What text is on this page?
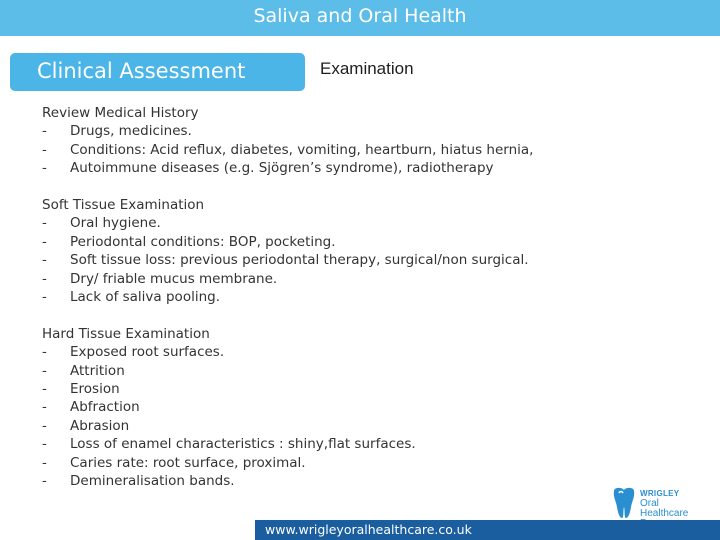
Saliva and Oral Health
Clinical Assessment	Examination
Review Medical History
- Drugs, medicines.
- Conditions: Acid reflux, diabetes, vomiting, heartburn, hiatus hernia,
- Autoimmune diseases (e.g. Sjögren’s syndrome), radiotherapy
Soft Tissue Examination
- Oral hygiene.
- Periodontal conditions: BOP, pocketing.
- Soft tissue loss: previous periodontal therapy, surgical/non surgical.
- Dry/ friable mucus membrane.
- Lack of saliva pooling.
Hard Tissue Examination
- Exposed root surfaces.
- Attrition
- Erosion
- Abfraction
- Abrasion
- Loss of enamel characteristics : shiny,flat surfaces.
- Caries rate: root surface, proximal.
- Demineralisation bands.
WRIGLEY
Oral Healthcare
www.wrigleyoralhealthcare.co.uk
